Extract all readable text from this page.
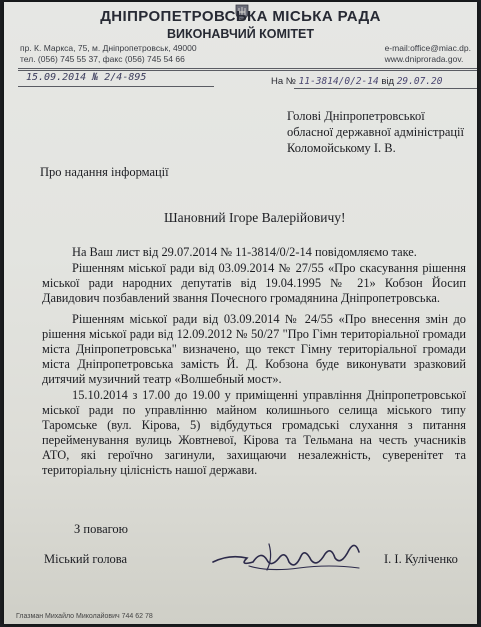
ДНІПРОПЕТРОВСЬКА МІСЬКА РАДА
ВИКОНАВЧИЙ КОМІТЕТ
пр. К. Маркса, 75, м. Дніпропетровськ, 49000
тел. (056) 745 55 37, факс (056) 745 54 66
e-mail:office@miac.dp.
www.dniprorada.gov.
15.09.2014 № 2/4-895	На № 11-3814/0/2-14 від 29.07.20
Голові Дніпропетровської
обласної державної адміністрації
Коломойському І. В.
Про надання інформації
Шановний Ігоре Валерійовичу!

На Ваш лист від 29.07.2014 № 11-3814/0/2-14 повідомляємо таке.

Рішенням міської ради від 03.09.2014 № 27/55 «Про скасування рішення міської ради народних депутатів від 19.04.1995 № 21» Кобзон Йосип Давидович позбавлений звання Почесного громадянина Дніпропетровська.

Рішенням міської ради від 03.09.2014 № 24/55 «Про внесення змін до рішення міської ради від 12.09.2012 № 50/27 "Про Гімн територіальної громади міста Дніпропетровська" визначено, що текст Гімну територіальної громади міста Дніпропетровська замість Й. Д. Кобзона буде виконувати зразковий дитячий музичний театр «Волшебный мост».

15.10.2014 з 17.00 до 19.00 у приміщенні управління Дніпропетровської міської ради по управлінню майном колишнього селища міського типу Таромське (вул. Кірова, 5) відбудуться громадські слухання з питання перейменування вулиць Жовтневої, Кірова та Тельмана на честь учасників АТО, які героїчно загинули, захищаючи незалежність, суверенітет та територіальну цілісність нашої держави.

З повагою
Міський голова	І. І. Куліченко
Глазман Михайло Миколайович 744 62 78
